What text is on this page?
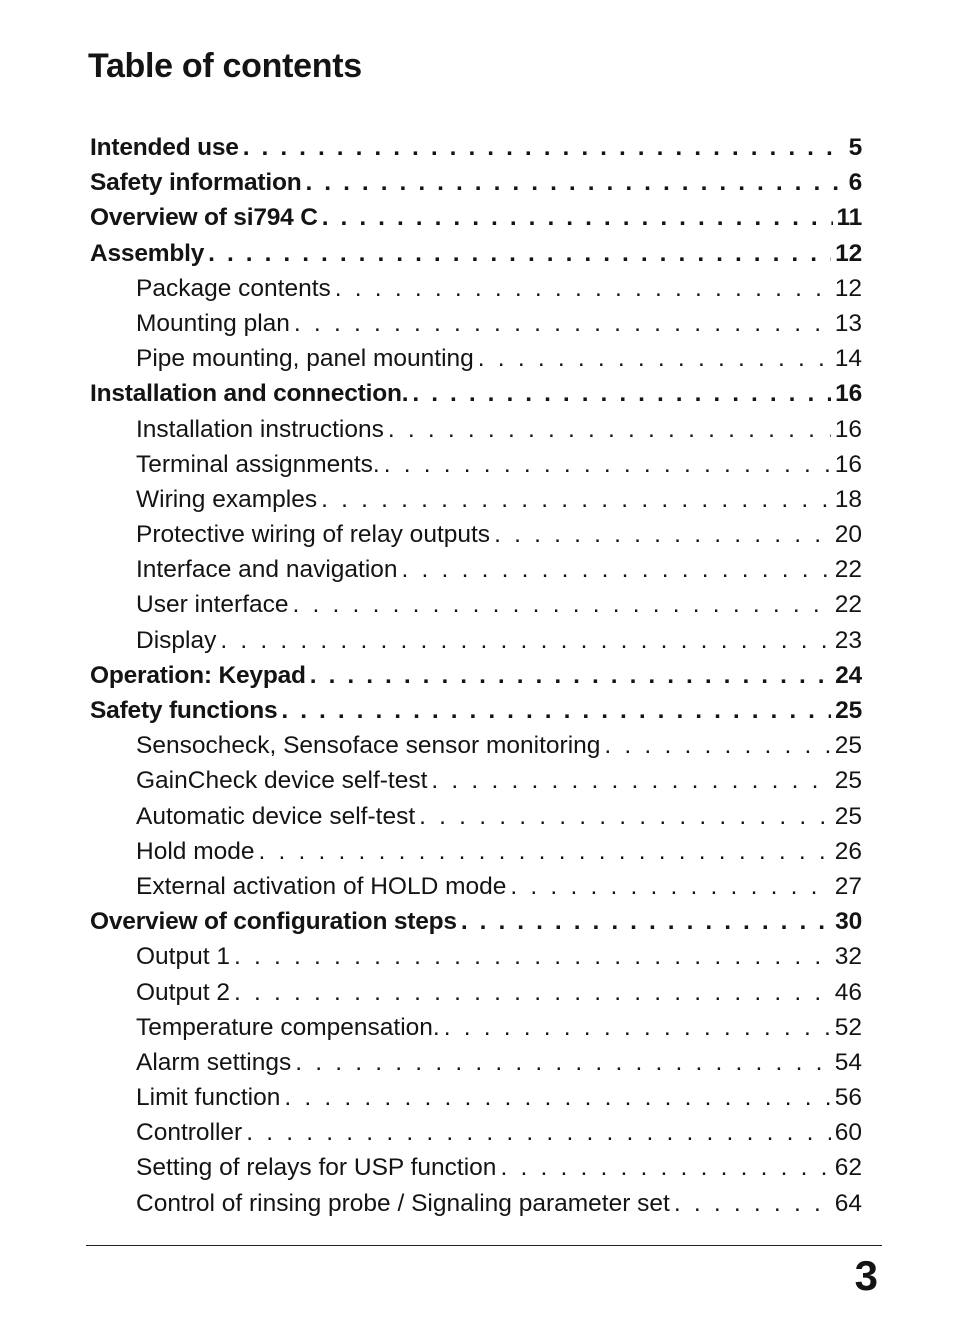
Table of contents
Intended use . . .	5
Safety information . . .	6
Overview of si794 C . . .	11
Assembly . . .	12
Package contents . . .	12
Mounting plan . . .	13
Pipe mounting, panel mounting . . .	14
Installation and connection. . . .	16
Installation instructions . . .	16
Terminal assignments. . . .	16
Wiring examples . . .	18
Protective wiring of relay outputs . . .	20
Interface and navigation . . .	22
User interface . . .	22
Display . . .	23
Operation: Keypad . . .	24
Safety functions . . .	25
Sensocheck, Sensoface sensor monitoring . . .	25
GainCheck device self-test . . .	25
Automatic device self-test . . .	25
Hold mode . . .	26
External activation of HOLD mode . . .	27
Overview of configuration steps . . .	30
Output 1 . . .	32
Output 2 . . .	46
Temperature compensation. . . .	52
Alarm settings . . .	54
Limit function . . .	56
Controller . . .	60
Setting of relays for USP function . . .	62
Control of rinsing probe / Signaling parameter set . . .	64
3
